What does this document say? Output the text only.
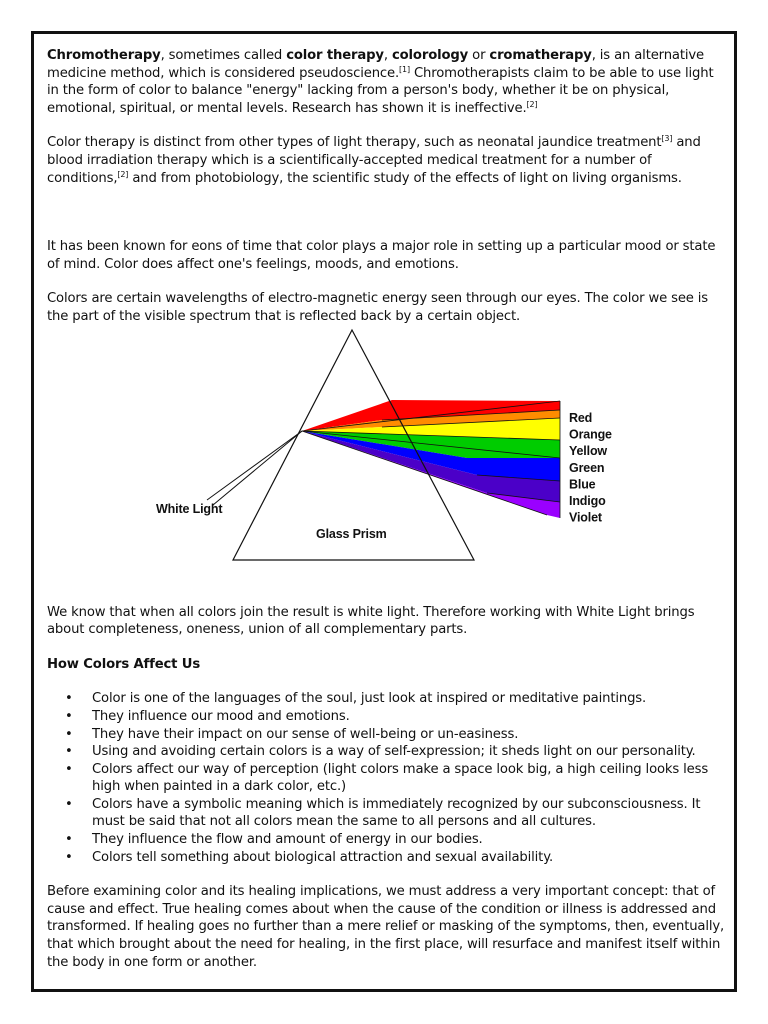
Chromotherapy, sometimes called color therapy, colorology or cromatherapy, is an alternative medicine method, which is considered pseudoscience.[1] Chromotherapists claim to be able to use light in the form of color to balance "energy" lacking from a person's body, whether it be on physical, emotional, spiritual, or mental levels. Research has shown it is ineffective.[2]

Color therapy is distinct from other types of light therapy, such as neonatal jaundice treatment[3] and blood irradiation therapy which is a scientifically-accepted medical treatment for a number of conditions,[2] and from photobiology, the scientific study of the effects of light on living organisms.

It has been known for eons of time that color plays a major role in setting up a particular mood or state of mind. Color does affect one's feelings, moods, and emotions.

Colors are certain wavelengths of electro-magnetic energy seen through our eyes. The color we see is the part of the visible spectrum that is reflected back by a certain object.

White Light
Glass Prism
Red
Orange
Yellow
Green
Blue
Indigo
Violet

We know that when all colors join the result is white light. Therefore working with White Light brings about completeness, oneness, union of all complementary parts.

How Colors Affect Us

• Color is one of the languages of the soul, just look at inspired or meditative paintings.
• They influence our mood and emotions.
• They have their impact on our sense of well-being or un-easiness.
• Using and avoiding certain colors is a way of self-expression; it sheds light on our personality.
• Colors affect our way of perception (light colors make a space look big, a high ceiling looks less high when painted in a dark color, etc.)
• Colors have a symbolic meaning which is immediately recognized by our subconsciousness. It must be said that not all colors mean the same to all persons and all cultures.
• They influence the flow and amount of energy in our bodies.
• Colors tell something about biological attraction and sexual availability.

Before examining color and its healing implications, we must address a very important concept: that of cause and effect. True healing comes about when the cause of the condition or illness is addressed and transformed. If healing goes no further than a mere relief or masking of the symptoms, then, eventually, that which brought about the need for healing, in the first place, will resurface and manifest itself within the body in one form or another.
